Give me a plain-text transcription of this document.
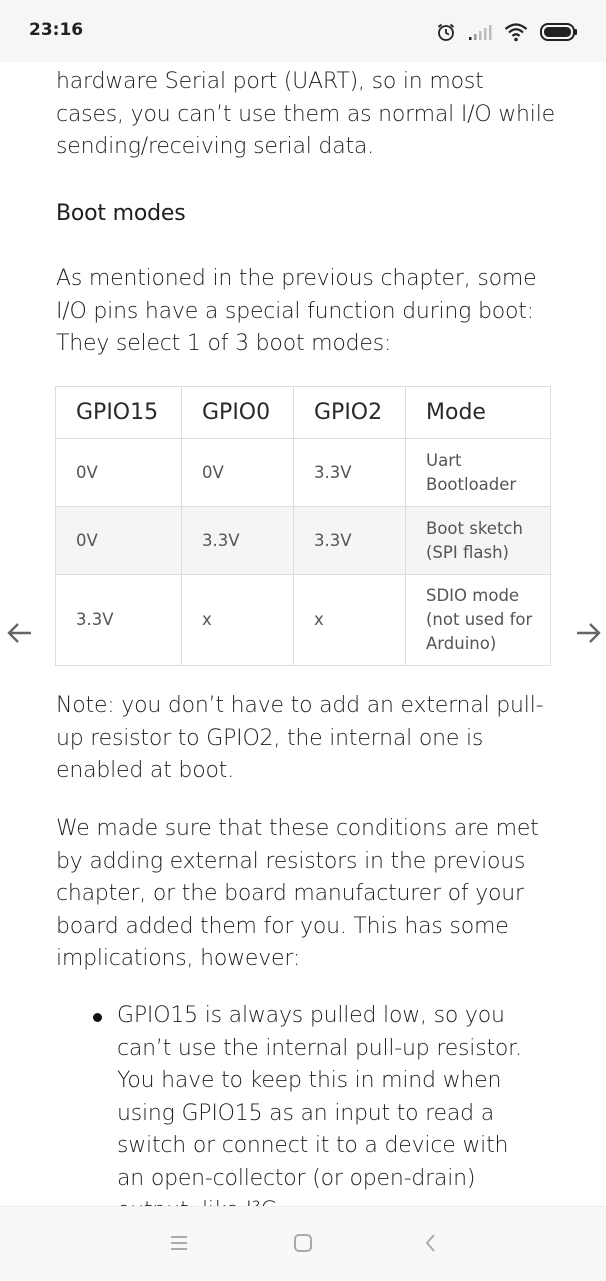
23:16

hardware Serial port (UART), so in most cases, you can’t use them as normal I/O while sending/receiving serial data.

Boot modes

As mentioned in the previous chapter, some I/O pins have a special function during boot: They select 1 of 3 boot modes:

GPIO15	GPIO0	GPIO2	Mode
0V	0V	3.3V	Uart Bootloader
0V	3.3V	3.3V	Boot sketch (SPI flash)
3.3V	x	x	SDIO mode (not used for Arduino)

Note: you don’t have to add an external pull-up resistor to GPIO2, the internal one is enabled at boot.

We made sure that these conditions are met by adding external resistors in the previous chapter, or the board manufacturer of your board added them for you. This has some implications, however:

GPIO15 is always pulled low, so you can’t use the internal pull-up resistor. You have to keep this in mind when using GPIO15 as an input to read a switch or connect it to a device with an open-collector (or open-drain)
